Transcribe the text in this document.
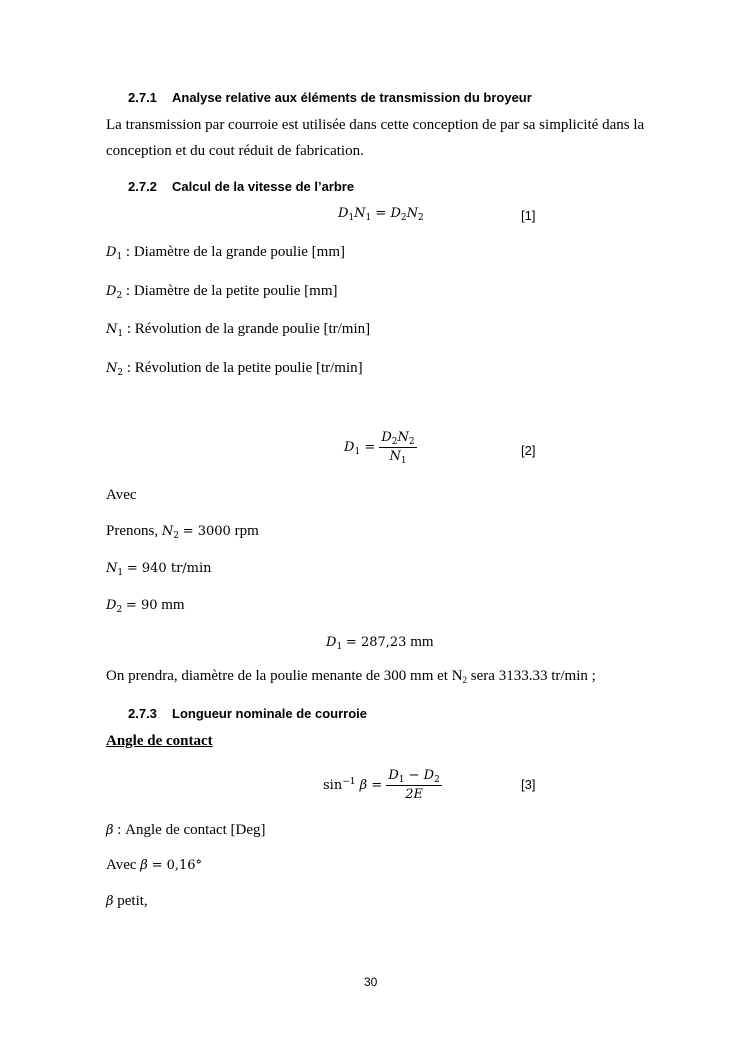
2.7.1 Analyse relative aux éléments de transmission du broyeur
La transmission par courroie est utilisée dans cette conception de par sa simplicité dans la
conception et du cout réduit de fabrication.
2.7.2 Calcul de la vitesse de l’arbre
$D_1N_1 = D_2N_2$	[1]
$D_1$ : Diamètre de la grande poulie [mm]
$D_2$ : Diamètre de la petite poulie [mm]
$N_1$ : Révolution de la grande poulie [tr/min]
$N_2$ : Révolution de la petite poulie [tr/min]
$D_1 = \frac{D_2N_2}{N_1}$	[2]
Avec
Prenons, $N_2 = 3000$ rpm
$N_1 = 940$ tr/min
$D_2 = 90$ mm
$D_1 = 287,23$ mm
On prendra, diamètre de la poulie menante de 300 mm et $N_2$ sera 3133.33 tr/min ;
2.7.3 Longueur nominale de courroie
Angle de contact
$\sin^{-1} \beta = \frac{D_1 - D_2}{2E}$	[3]
β : Angle de contact [Deg]
Avec β = 0,16°
β petit,
30
